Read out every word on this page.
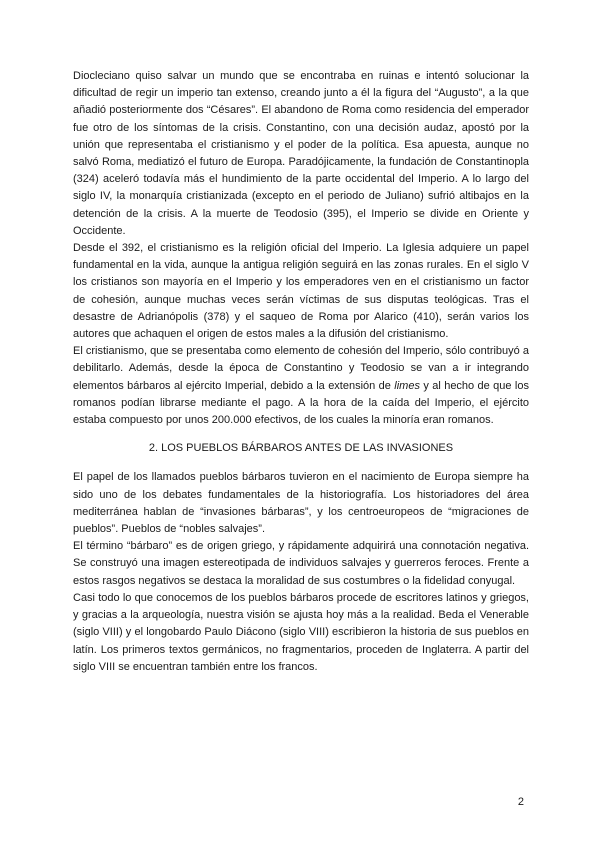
Diocleciano quiso salvar un mundo que se encontraba en ruinas e intentó solucionar la dificultad de regir un imperio tan extenso, creando junto a él la figura del “Augusto”, a la que añadió posteriormente dos “Césares”. El abandono de Roma como residencia del emperador fue otro de los síntomas de la crisis. Constantino, con una decisión audaz, apostó por la unión que representaba el cristianismo y el poder de la política. Esa apuesta, aunque no salvó Roma, mediatizó el futuro de Europa. Paradójicamente, la fundación de Constantinopla (324) aceleró todavía más el hundimiento de la parte occidental del Imperio. A lo largo del siglo IV, la monarquía cristianizada (excepto en el periodo de Juliano) sufrió altibajos en la detención de la crisis. A la muerte de Teodosio (395), el Imperio se divide en Oriente y Occidente.

Desde el 392, el cristianismo es la religión oficial del Imperio. La Iglesia adquiere un papel fundamental en la vida, aunque la antigua religión seguirá en las zonas rurales. En el siglo V los cristianos son mayoría en el Imperio y los emperadores ven en el cristianismo un factor de cohesión, aunque muchas veces serán víctimas de sus disputas teológicas. Tras el desastre de Adrianópolis (378) y el saqueo de Roma por Alarico (410), serán varios los autores que achaquen el origen de estos males a la difusión del cristianismo.

El cristianismo, que se presentaba como elemento de cohesión del Imperio, sólo contribuyó a debilitarlo. Además, desde la época de Constantino y Teodosio se van a ir integrando elementos bárbaros al ejército Imperial, debido a la extensión de limes y al hecho de que los romanos podían librarse mediante el pago. A la hora de la caída del Imperio, el ejército estaba compuesto por unos 200.000 efectivos, de los cuales la minoría eran romanos.

2. LOS PUEBLOS BÁRBAROS ANTES DE LAS INVASIONES

El papel de los llamados pueblos bárbaros tuvieron en el nacimiento de Europa siempre ha sido uno de los debates fundamentales de la historiografía. Los historiadores del área mediterránea hablan de “invasiones bárbaras”, y los centroeuropeos de “migraciones de pueblos”. Pueblos de “nobles salvajes”.

El término “bárbaro” es de origen griego, y rápidamente adquirirá una connotación negativa. Se construyó una imagen estereotipada de individuos salvajes y guerreros feroces. Frente a estos rasgos negativos se destaca la moralidad de sus costumbres o la fidelidad conyugal.

Casi todo lo que conocemos de los pueblos bárbaros procede de escritores latinos y griegos, y gracias a la arqueología, nuestra visión se ajusta hoy más a la realidad. Beda el Venerable (siglo VIII) y el longobardo Paulo Diácono (siglo VIII) escribieron la historia de sus pueblos en latín. Los primeros textos germánicos, no fragmentarios, proceden de Inglaterra. A partir del siglo VIII se encuentran también entre los francos.

2
